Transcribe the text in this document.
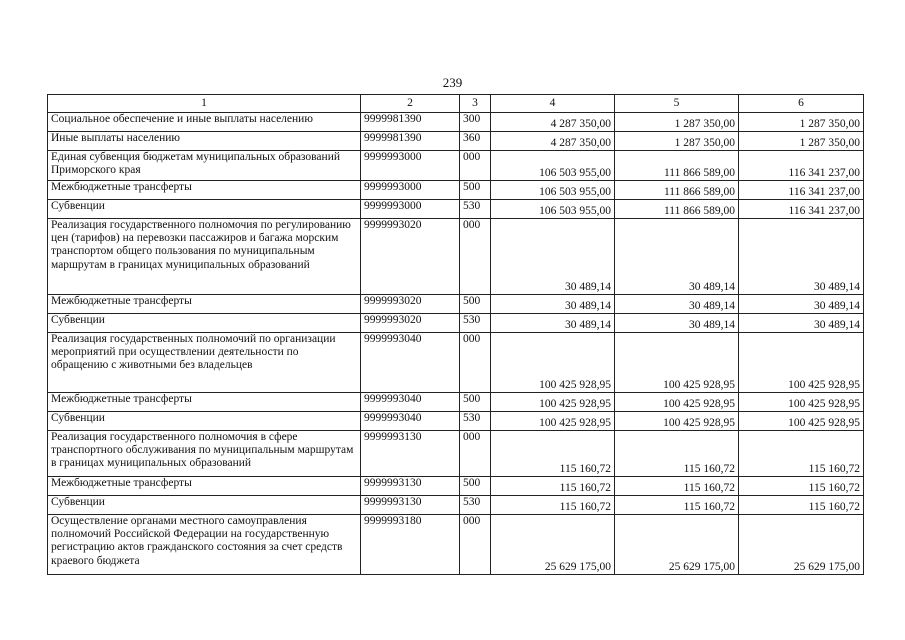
239
1	2	3	4	5	6
Социальное обеспечение и иные выплаты населению	9999981390	300	4 287 350,00	1 287 350,00	1 287 350,00
Иные выплаты населению	9999981390	360	4 287 350,00	1 287 350,00	1 287 350,00
Единая субвенция бюджетам муниципальных образований Приморского края	9999993000	000	106 503 955,00	111 866 589,00	116 341 237,00
Межбюджетные трансферты	9999993000	500	106 503 955,00	111 866 589,00	116 341 237,00
Субвенции	9999993000	530	106 503 955,00	111 866 589,00	116 341 237,00
Реализация государственного полномочия по регулированию цен (тарифов) на перевозки пассажиров и багажа морским транспортом общего пользования по муниципальным маршрутам в границах муниципальных образований	9999993020	000	30 489,14	30 489,14	30 489,14
Межбюджетные трансферты	9999993020	500	30 489,14	30 489,14	30 489,14
Субвенции	9999993020	530	30 489,14	30 489,14	30 489,14
Реализация государственных полномочий по организации мероприятий при осуществлении деятельности по обращению с животными без владельцев	9999993040	000	100 425 928,95	100 425 928,95	100 425 928,95
Межбюджетные трансферты	9999993040	500	100 425 928,95	100 425 928,95	100 425 928,95
Субвенции	9999993040	530	100 425 928,95	100 425 928,95	100 425 928,95
Реализация государственного полномочия в сфере транспортного обслуживания по муниципальным маршрутам в границах муниципальных образований	9999993130	000	115 160,72	115 160,72	115 160,72
Межбюджетные трансферты	9999993130	500	115 160,72	115 160,72	115 160,72
Субвенции	9999993130	530	115 160,72	115 160,72	115 160,72
Осуществление органами местного самоуправления полномочий Российской Федерации на государственную регистрацию актов гражданского состояния за счет средств краевого бюджета	9999993180	000	25 629 175,00	25 629 175,00	25 629 175,00
